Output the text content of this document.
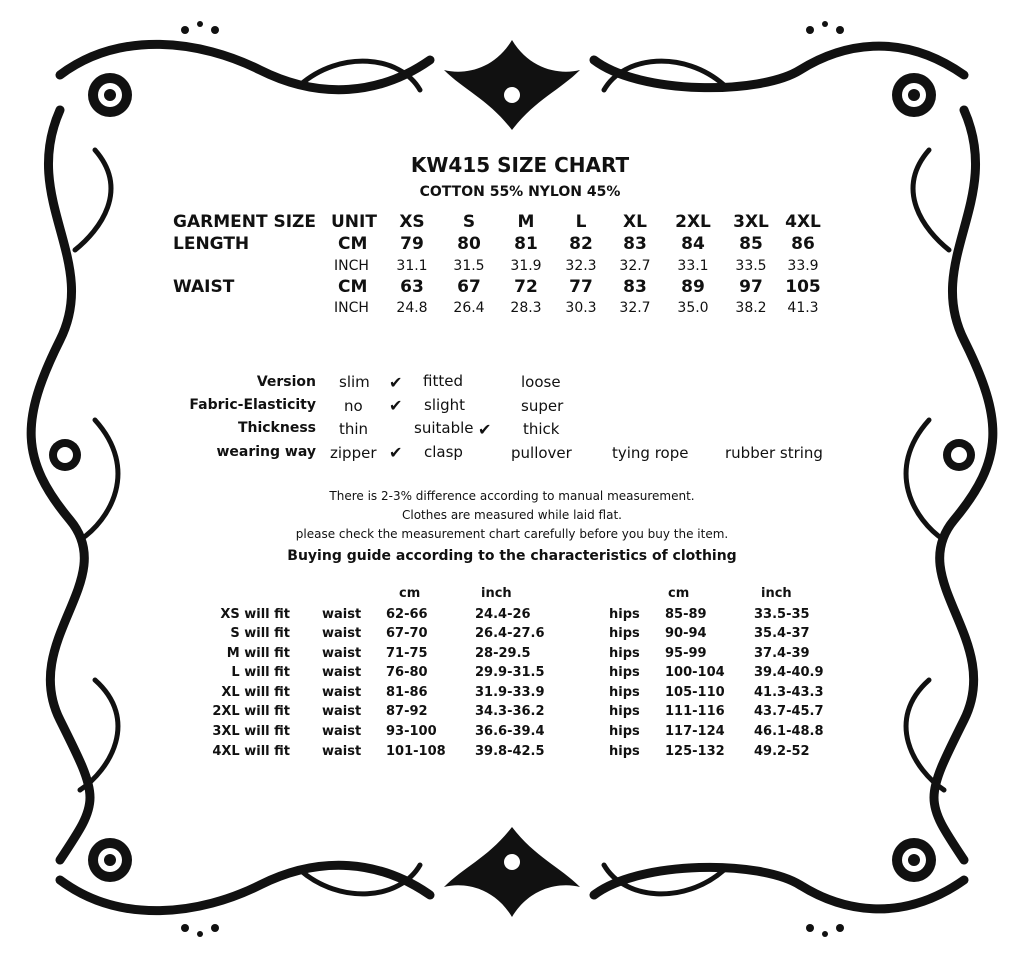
KW415 SIZE CHART
COTTON 55% NYLON 45%
GARMENT SIZE UNIT	XS	S	M	L	XL	2XL	3XL 4XL
LENGTH	CM	79	80	81	82	83	84	85	86
INCH	31.1	31.5	31.9	32.3	32.7	33.1	33.5	33.9
WAIST	CM	63	67	72	77	83	89	97	105
INCH	24.8	26.4	28.3	30.3	32.7	35.0	38.2	41.3
Version slim ✔ fitted	loose
Fabric-Elasticity no ✔ slight	super
Thickness thin	suitable ✔ thick
wearing way zipper ✔ clasp	pullover	tying rope rubber string
There is 2-3% difference according to manual measurement.
Clothes are measured while laid flat.
please check the measurement chart carefully before you buy the item.
Buying guide according to the characteristics of clothing
cm	inch	cm	inch
XS will fit waist 62-66	24.4-26	hips 85-89	33.5-35
S will fit waist 67-70	26.4-27.6	hips 90-94	35.4-37
M will fit waist 71-75	28-29.5	hips 95-99	37.4-39
L will fit waist 76-80	29.9-31.5	hips 100-104 39.4-40.9
XL will fit waist 81-86	31.9-33.9	hips 105-110 41.3-43.3
2XL will fit waist 87-92	34.3-36.2	hips 111-116 43.7-45.7
3XL will fit waist 93-100	36.6-39.4	hips 117-124 46.1-48.8
4XL will fit waist 101-108 39.8-42.5	hips 125-132 49.2-52
